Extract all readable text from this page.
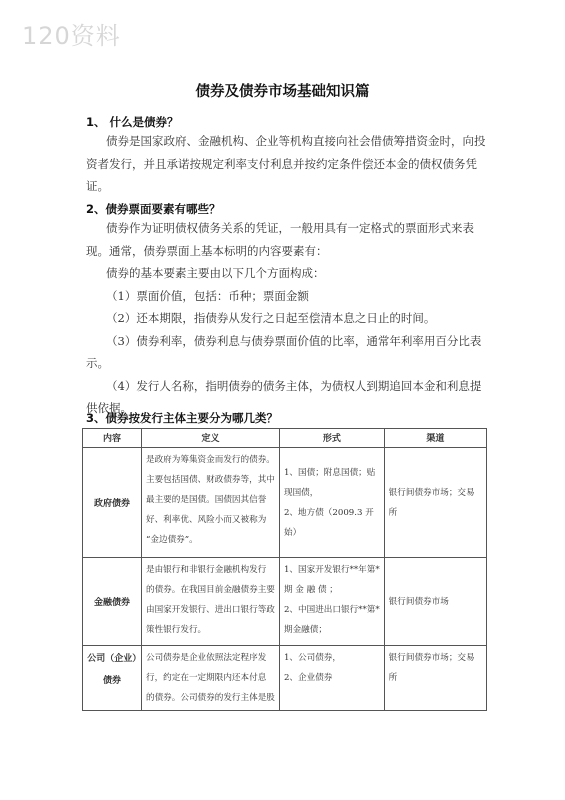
120资料
债券及债券市场基础知识篇
1、 什么是债券？
债券是国家政府、金融机构、企业等机构直接向社会借债筹措资金时，向投
资者发行，并且承诺按规定利率支付利息并按约定条件偿还本金的债权债务凭
证。
2、债券票面要素有哪些？
债券作为证明债权债务关系的凭证，一般用具有一定格式的票面形式来表
现。通常，债券票面上基本标明的内容要素有：
债券的基本要素主要由以下几个方面构成：
（1）票面价值，包括：币种；票面金额
（2）还本期限，指债券从发行之日起至偿清本息之日止的时间。
（3）债券利率，债券利息与债券票面价值的比率，通常年利率用百分比表
示。
（4）发行人名称，指明债券的债务主体，为债权人到期追回本金和利息提
供依据。
3、债券按发行主体主要分为哪几类？
内容	定义	形式	渠道
政府债券	是政府为筹集资金而发行的债券。
主要包括国债、财政债券等，其中
最主要的是国债。国债因其信誉
好、利率优、风险小而又被称为
“金边债券”。	1、国债；附息国债；贴
现国债，
2、地方债（2009.3 开
始）	银行间债券市场；交易
所

金融债券	是由银行和非银行金融机构发行
的债券。在我国目前金融债券主要
由国家开发银行、进出口银行等政
策性银行发行。	1、国家开发银行**年第*
期 金 融 债 ；
2、中国进出口银行**第*
期金融债；	银行间债券市场

公司（企业）债券	公司债券是企业依照法定程序发
行，约定在一定期限内还本付息
的债券。公司债券的发行主体是股	1、公司债券，
2、企业债券	银行间债券市场；交易
所
